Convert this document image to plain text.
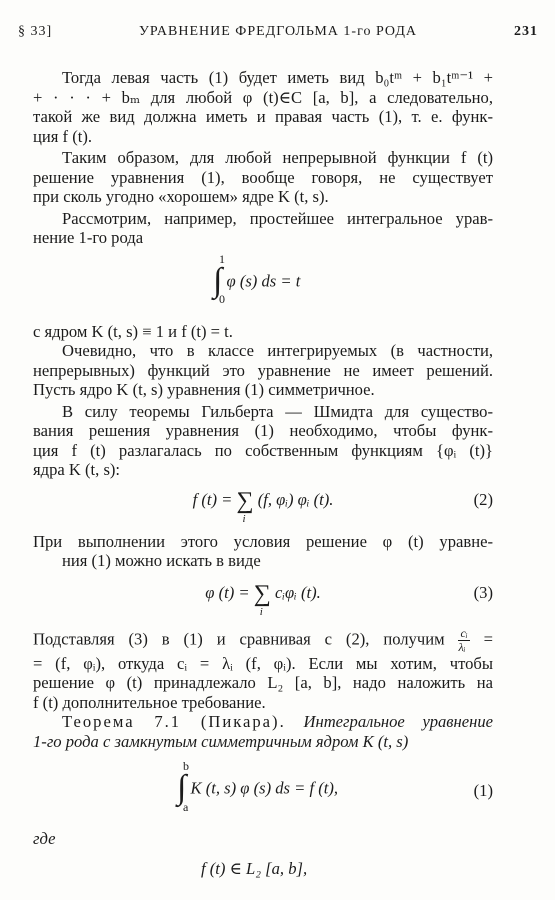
§ 33]	УРАВНЕНИЕ ФРЕДГОЛЬМА 1-го РОДА	231
Тогда левая часть (1) будет иметь вид b₀tᵐ + b₁tᵐ⁻¹ +
+ · · · + bₘ для любой φ (t)∈C [a, b], а следовательно,
такой же вид должна иметь и правая часть (1), т. е. функ-
ция f (t).
Таким образом, для любой непрерывной функции f (t)
решение уравнения (1), вообще говоря, не существует
при сколь угодно «хорошем» ядре K (t, s).
Рассмотрим, например, простейшее интегральное урав-
нение 1-го рода
1
∫
0
φ (s) ds = t
с ядром K (t, s) ≡ 1 и f (t) = t.
Очевидно, что в классе интегрируемых (в частности,
непрерывных) функций это уравнение не имеет решений.
Пусть ядро K (t, s) уравнения (1) симметричное.
В силу теоремы Гильберта — Шмидта для существо-
вания решения уравнения (1) необходимо, чтобы функ-
ция f (t) разлагалась по собственным функциям {φᵢ (t)}
ядра K (t, s):
f (t) = ∑
i
(f, φᵢ) φᵢ (t).	(2)
При выполнении этого условия решение φ (t) уравне-
ния (1) можно искать в виде
φ (t) = ∑
i
cᵢφᵢ (t).	(3)
Подставляя (3) в (1) и сравнивая с (2), получим $\frac{\text{cᵢ}}{\text{λᵢ}}$ =
= (f, φᵢ), откуда cᵢ = λᵢ (f, φᵢ). Если мы хотим, чтобы
решение φ (t) принадлежало L₂ [a, b], надо наложить на
f (t) дополнительное требование.
Теорема 7.1 (Пикара). Интегральное уравнение
1-го рода с замкнутым симметричным ядром K (t, s)
b
∫
a
K (t, s) φ (s) ds = f (t),	(1)
где
f (t) ∈ L₂ [a, b],
